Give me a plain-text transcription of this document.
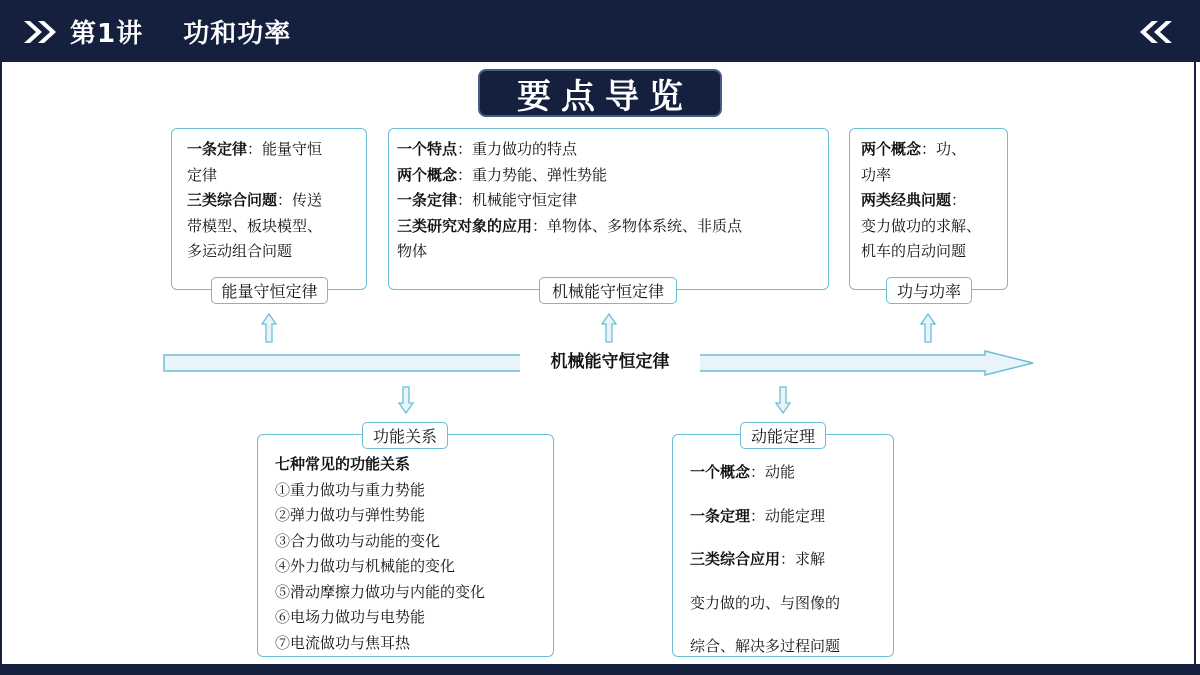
第1讲    功和功率
要点导览
一条定律：能量守恒
定律
三类综合问题：传送
带模型、板块模型、
多运动组合问题
能量守恒定律
一个特点：重力做功的特点
两个概念：重力势能、弹性势能
一条定律：机械能守恒定律
三类研究对象的应用：单物体、多物体系统、非质点
物体
机械能守恒定律
两个概念：功、
功率
两类经典问题：
变力做功的求解、
机车的启动问题
功与功率
机械能守恒定律
功能关系
七种常见的功能关系
①重力做功与重力势能
②弹力做功与弹性势能
③合力做功与动能的变化
④外力做功与机械能的变化
⑤滑动摩擦力做功与内能的变化
⑥电场力做功与电势能
⑦电流做功与焦耳热
动能定理
一个概念：动能
一条定理：动能定理
三类综合应用：求解
变力做的功、与图像的
综合、解决多过程问题
